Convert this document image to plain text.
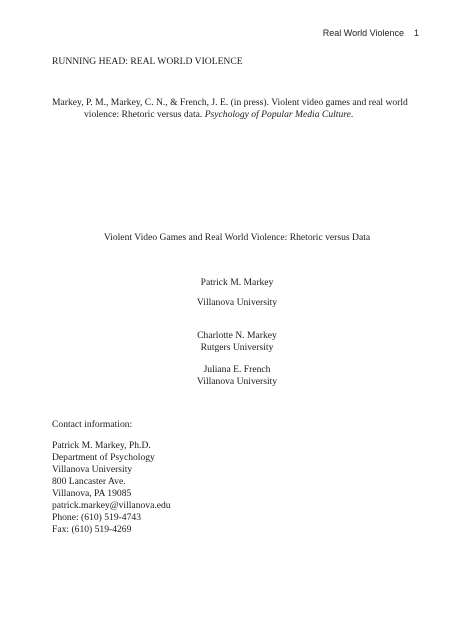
Real World Violence 1
RUNNING HEAD: REAL WORLD VIOLENCE
Markey, P. M., Markey, C. N., & French, J. E. (in press). Violent video games and real world
violence: Rhetoric versus data. Psychology of Popular Media Culture.
Violent Video Games and Real World Violence: Rhetoric versus Data
Patrick M. Markey
Villanova University
Charlotte N. Markey
Rutgers University
Juliana E. French
Villanova University
Contact information:
Patrick M. Markey, Ph.D.
Department of Psychology
Villanova University
800 Lancaster Ave.
Villanova, PA 19085
patrick.markey@villanova.edu
Phone: (610) 519-4743
Fax: (610) 519-4269
